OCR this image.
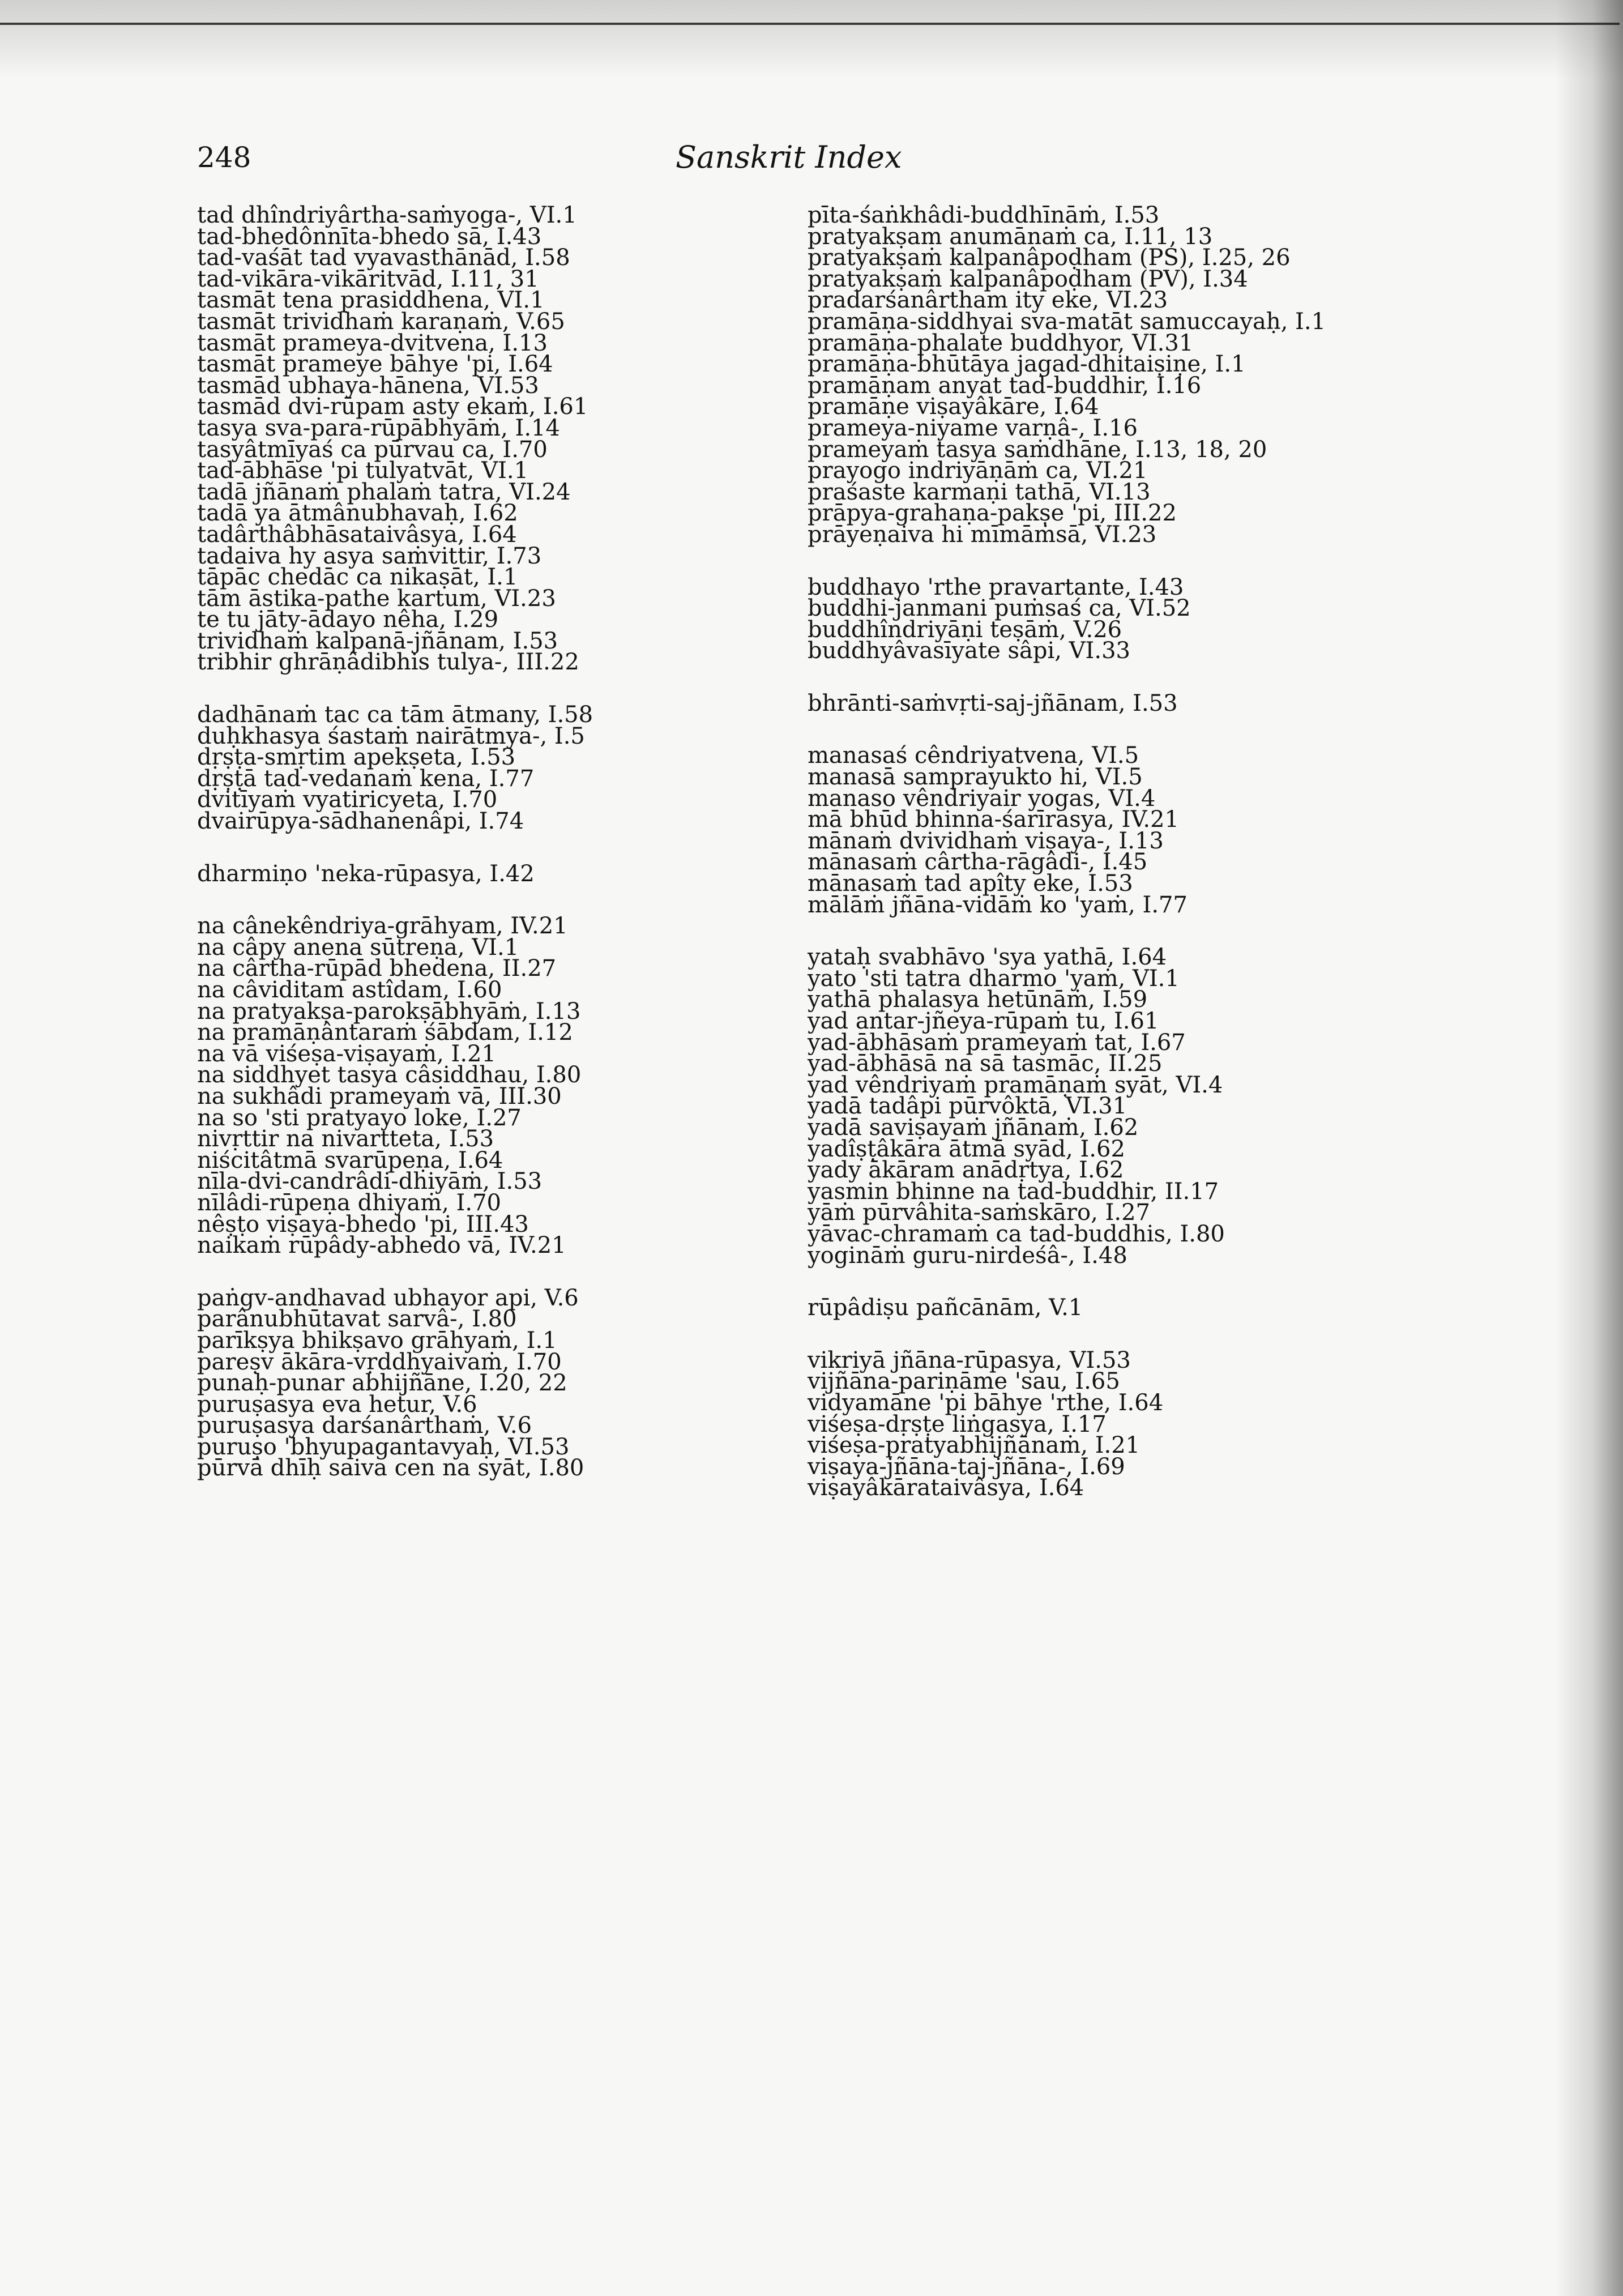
248	Sanskrit Index
tad dhîndriyârtha-saṁyoga-, VI.1
tad-bhedônnīta-bhedo sā, I.43
tad-vaśāt tad vyavasthānād, I.58
tad-vikāra-vikāritvād, I.11, 31
tasmāt tena prasiddhena, VI.1
tasmāt trividhaṁ karaṇaṁ, V.65
tasmāt prameya-dvitvena, I.13
tasmāt prameye bāhye 'pi, I.64
tasmād ubhaya-hānena, VI.53
tasmād dvi-rūpam asty ekaṁ, I.61
tasya sva-para-rūpābhyāṁ, I.14
tasyâtmīyaś ca pūrvau ca, I.70
tad-ābhāse 'pi tulyatvāt, VI.1
tadā jñānaṁ phalaṁ tatra, VI.24
tadā ya ātmânubhavaḥ, I.62
tadârthâbhāsataivâsya, I.64
tadaiva hy asya saṁvittir, I.73
tāpāc chedāc ca nikaṣāt, I.1
tām āstika-pathe kartum, VI.23
te tu jāty-ādayo nêha, I.29
trividhaṁ kalpanā-jñānam, I.53
tribhir ghrāṇâdibhis tulya-, III.22
dadhānaṁ tac ca tām ātmany, I.58
duḥkhasya śastaṁ nairātmya-, I.5
dṛṣṭa-smṛtim apekṣeta, I.53
dṛṣṭā tad-vedanaṁ kena, I.77
dvitīyaṁ vyatiricyeta, I.70
dvairūpya-sādhanenâpi, I.74
dharmiṇo 'neka-rūpasya, I.42
na cânekêndriya-grāhyam, IV.21
na câpy anena sūtreṇa, VI.1
na cârtha-rūpād bhedena, II.27
na câviditam astîdam, I.60
na pratyakṣa-parokṣābhyāṁ, I.13
na pramāṇântaraṁ śābdam, I.12
na vā viśeṣa-viṣayaṁ, I.21
na siddhyet tasya câsiddhau, I.80
na sukhâdi prameyaṁ vā, III.30
na so 'sti pratyayo loke, I.27
nivṛttir na nivartteta, I.53
niścitâtmā svarūpeṇa, I.64
nīla-dvi-candrâdi-dhiyāṁ, I.53
nīlâdi-rūpeṇa dhiyaṁ, I.70
nêṣṭo viṣaya-bhedo 'pi, III.43
naikaṁ rūpâdy-abhedo vā, IV.21
paṅgv-andhavad ubhayor api, V.6
parânubhūtavat sarvâ-, I.80
parīkṣya bhikṣavo grāhyaṁ, I.1
pareṣv ākāra-vṛddhyaivaṁ, I.70
punaḥ-punar abhijñāne, I.20, 22
puruṣasya eva hetur, V.6
puruṣasya darśanârthaṁ, V.6
puruṣo 'bhyupagantavyaḥ, VI.53
pūrvā dhīḥ saiva cen na syāt, I.80
pīta-śaṅkhâdi-buddhīnāṁ, I.53
pratyakṣam anumānaṁ ca, I.11, 13
pratyakṣaṁ kalpanâpoḍham (PS), I.25, 26
pratyakṣaṁ kalpanâpoḍham (PV), I.34
pradarśanârtham ity eke, VI.23
pramāṇa-siddhyai sva-matāt samuccayaḥ, I.1
pramāṇa-phalate buddhyor, VI.31
pramāṇa-bhūtāya jagad-dhitaiṣiṇe, I.1
pramāṇam anyat tad-buddhir, I.16
pramāṇe viṣayâkāre, I.64
prameya-niyame varṇâ-, I.16
prameyaṁ tasya saṁdhāne, I.13, 18, 20
prayogo indriyāṇāṁ ca, VI.21
praśaste karmaṇi tathā, VI.13
prāpya-grahaṇa-pakṣe 'pi, III.22
prāyeṇaiva hi mīmāṁsā, VI.23
buddhayo 'rthe pravartante, I.43
buddhi-janmani puṁsaś ca, VI.52
buddhîndriyāṇi teṣāṁ, V.26
buddhyâvasīyate sâpi, VI.33
bhrānti-saṁvṛti-saj-jñānam, I.53
manasaś cêndriyatvena, VI.5
manasā samprayukto hi, VI.5
manaso vêndriyair yogas, VI.4
mā bhūd bhinna-śarīrasya, IV.21
mānaṁ dvividhaṁ viṣaya-, I.13
mānasaṁ cârtha-rāgâdi-, I.45
mānasaṁ tad apîty eke, I.53
mālāṁ jñāna-vidāṁ ko 'yaṁ, I.77
yataḥ svabhāvo 'sya yathā, I.64
yato 'sti tatra dharmo 'yaṁ, VI.1
yathā phalasya hetūnāṁ, I.59
yad antar-jñeya-rūpaṁ tu, I.61
yad-ābhāsaṁ prameyaṁ tat, I.67
yad-ābhāsā na sā tasmāc, II.25
yad vêndriyaṁ pramāṇaṁ syāt, VI.4
yadā tadâpi pūrvôktā, VI.31
yadā saviṣayaṁ jñānaṁ, I.62
yadîṣṭâkāra ātmā syād, I.62
yady ākāram anādṛtya, I.62
yasmin bhinne na tad-buddhir, II.17
yāṁ pūrvâhita-saṁskāro, I.27
yāvac-chramaṁ ca tad-buddhis, I.80
yogināṁ guru-nirdeśâ-, I.48
rūpâdiṣu pañcānām, V.1
vikriyā jñāna-rūpasya, VI.53
vijñāna-pariṇāme 'sau, I.65
vidyamāne 'pi bāhye 'rthe, I.64
viśeṣa-dṛṣṭe liṅgasya, I.17
viśeṣa-pratyabhijñānaṁ, I.21
viṣaya-jñāna-taj-jñāna-, I.69
viṣayâkārataivâsya, I.64
